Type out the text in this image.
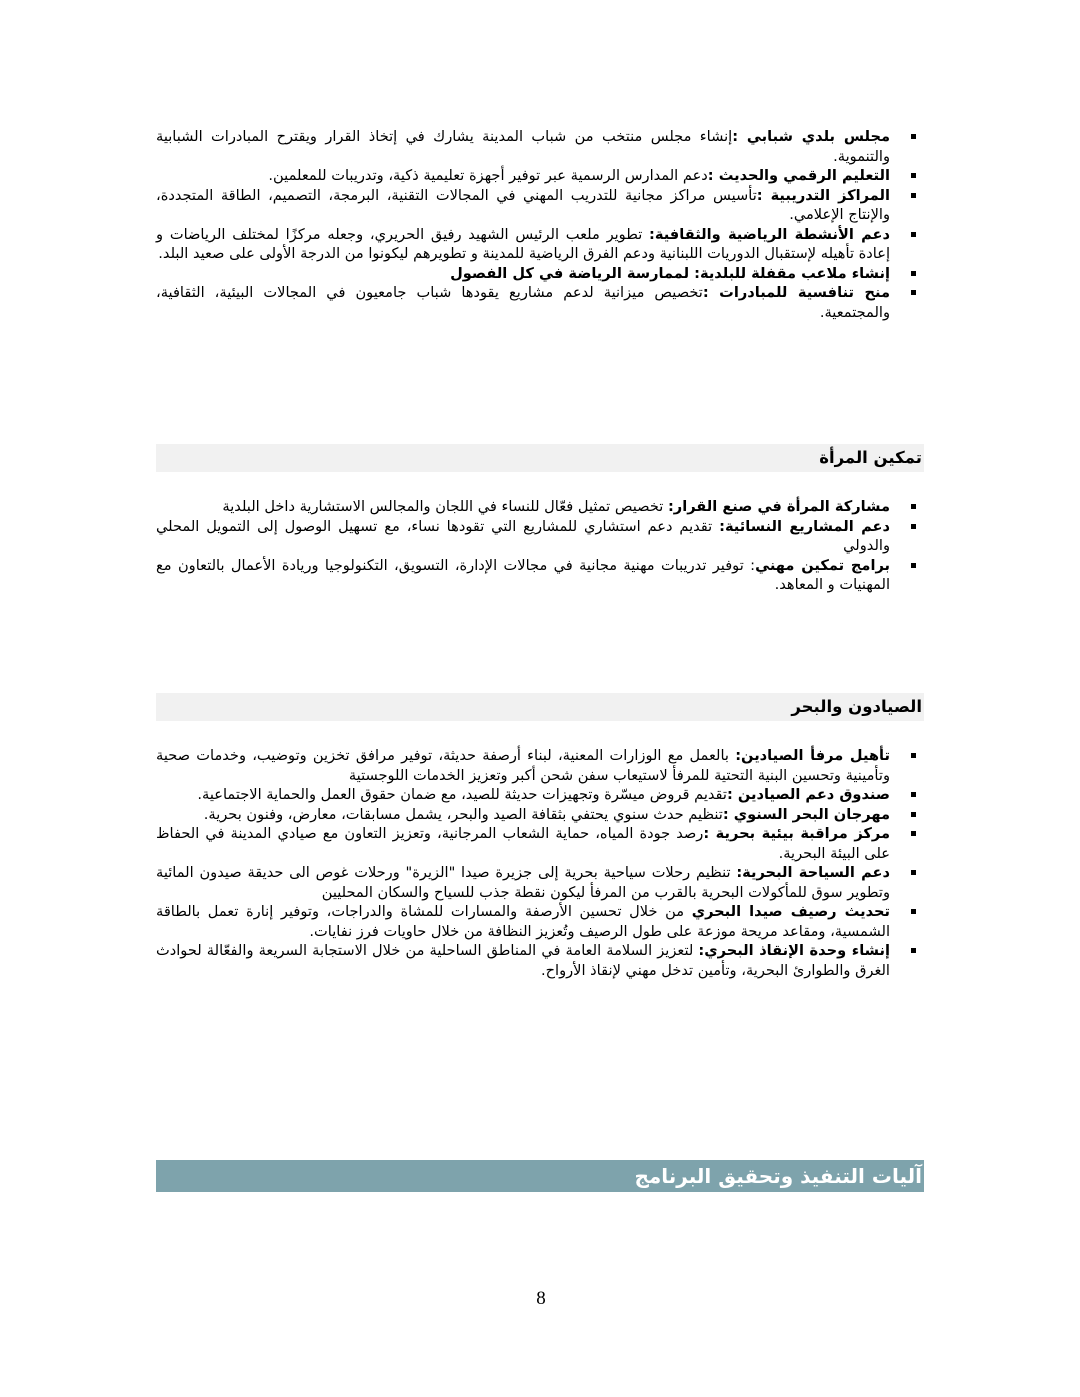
مجلس بلدي شبابي :إنشاء مجلس منتخب من شباب المدينة يشارك في إتخاذ القرار ويقترح المبادرات الشبابية والتنموية.
التعليم الرقمي والحديث :دعم المدارس الرسمية عبر توفير أجهزة تعليمية ذكية، وتدريبات للمعلمين.
المراكز التدريبية :تأسيس مراكز مجانية للتدريب المهني في المجالات التقنية، البرمجة، التصميم، الطاقة المتجددة، والإنتاج الإعلامي.
دعم الأنشطة الرياضية والثقافية: تطوير ملعب الرئيس الشهيد رفيق الحريري، وجعله مركزًا لمختلف الرياضات و إعادة تأهيله لإستقبال الدوريات اللبنانية ودعم الفرق الرياضية للمدينة و تطويرهم ليكونوا من الدرجة الأولى على صعيد البلد.
إنشاء ملاعب مقفلة للبلدية: لممارسة الرياضة في كل الفصول
منح تنافسية للمبادرات :تخصيص ميزانية لدعم مشاريع يقودها شباب جامعيون في المجالات البيئية، الثقافية، والمجتمعية.
تمكين المرأة
مشاركة المرأة في صنع القرار: تخصيص تمثيل فعّال للنساء في اللجان والمجالس الاستشارية داخل البلدية
دعم المشاريع النسائية: تقديم دعم استشاري للمشاريع التي تقودها نساء، مع تسهيل الوصول إلى التمويل المحلي والدولي
برامج تمكين مهني: توفير تدريبات مهنية مجانية في مجالات الإدارة، التسويق، التكنولوجيا وريادة الأعمال بالتعاون مع المهنيات و المعاهد.
الصيادون والبحر
تأهيل مرفأ الصيادين: بالعمل مع الوزارات المعنية، لبناء أرصفة حديثة، توفير مرافق تخزين وتوضيب، وخدمات صحية وتأمينية وتحسين البنية التحتية للمرفأ لاستيعاب سفن شحن أكبر وتعزيز الخدمات اللوجستية
صندوق دعم الصيادين :تقديم قروض ميسّرة وتجهيزات حديثة للصيد، مع ضمان حقوق العمل والحماية الاجتماعية.
مهرجان البحر السنوي :تنظيم حدث سنوي يحتفي بثقافة الصيد والبحر، يشمل مسابقات، معارض، وفنون بحرية.
مركز مراقبة بيئية بحرية :رصد جودة المياه، حماية الشعاب المرجانية، وتعزيز التعاون مع صيادي المدينة في الحفاظ على البيئة البحرية.
دعم السياحة البحرية: تنظيم رحلات سياحية بحرية إلى جزيرة صيدا "الزيرة" ورحلات غوص الى حديقة صيدون المائية وتطوير سوق للمأكولات البحرية بالقرب من المرفأ ليكون نقطة جذب للسياح والسكان المحليين
تحديث رصيف صيدا البحري من خلال تحسين الأرصفة والمسارات للمشاة والدراجات، وتوفير إنارة تعمل بالطاقة الشمسية، ومقاعد مريحة موزعة على طول الرصيف وتُعزيز النظافة من خلال حاويات فرز نفايات.
إنشاء وحدة الإنقاذ البحري: لتعزيز السلامة العامة في المناطق الساحلية من خلال الاستجابة السريعة والفعّالة لحوادث الغرق والطوارئ البحرية، وتأمين تدخل مهني لإنقاذ الأرواح.
آليات التنفيذ وتحقيق البرنامج
8
